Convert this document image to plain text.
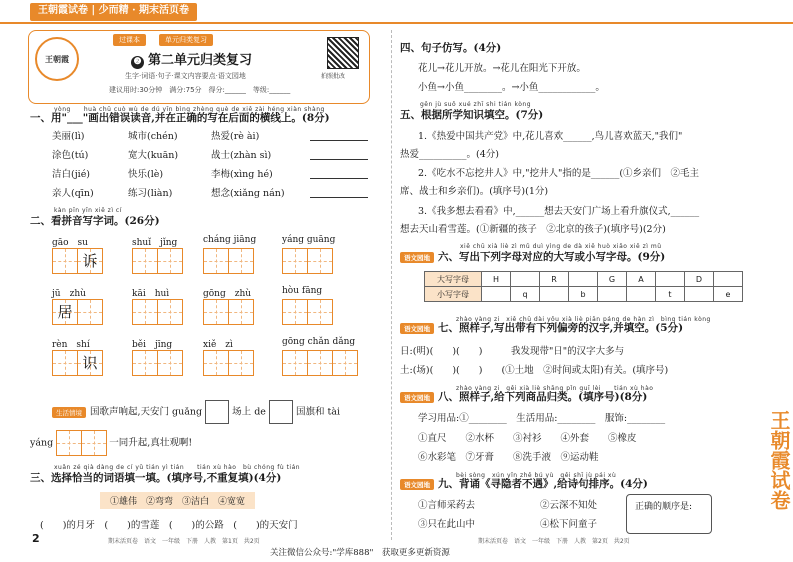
王朝霞试卷 | 少而精 · 期末活页卷
王朝霞
过课本	单元归类复习
❷ 第二单元归类复习
生字·词语·句子·课文内容要点·语文园地
建议用时:30分钟　满分:75分　得分:______　等级:______
拍照批改
yòng　　huà chū cuò wù de dú yīn bìng zhèng què de xiě zài héng xiàn shàng
一、用"___"画出错误读音,并在正确的写在后面的横线上。(8分)
美丽(lì)	城市(chén)	热爱(rè ài)
涂色(tú)	宽大(kuān)	战士(zhàn sì)
洁白(jié)	快乐(lè)	李梅(xìng hé)
亲人(qīn)	练习(liàn)	想念(xiǎng nán)
kàn pīn yīn xiě zì cí
二、看拼音写字词。(26分)
gāo　su
诉
shuǐ　jǐng	cháng jiāng	yáng guāng
jū　zhù
居
kāi　huì	gōng　zhù	hòu fāng
rèn　shí
识
běi　jīng	xiě　zì	gōng chǎn dǎng
生活情境 国歌声响起,天安门 guǎng	场上 de	国旗和 tài
yáng	一同升起,真壮观啊!
xuǎn zé qià dàng de cí yǔ tián yì tián　　tián xù hào　bù chóng fù tián
三、选择恰当的词语填一填。(填序号,不重复填)(4分)
①雄伟　②弯弯　③洁白　④宽宽
(　　)的月牙　(　　)的雪莲　(　　)的公路　(　　)的天安门
四、句子仿写。(4分)
花儿→花儿开放。→花儿在阳光下开放。
小鱼→小鱼________。→小鱼____________。
gēn jù suǒ xué zhī shi tián kòng
五、根据所学知识填空。(7分)
1.《热爱中国共产党》中,花儿喜欢______,鸟儿喜欢蓝天,"我们"
热爱__________。(4分)
2.《吃水不忘挖井人》中,"挖井人"指的是______(①乡亲们　②毛主
席、战士和乡亲们)。(填序号)(1分)
3.《我多想去看看》中,______想去天安门广场上看升旗仪式,______
想去天山看雪莲。(①新疆的孩子　②北京的孩子)(填序号)(2分)
xiě chū xià liè zì mǔ duì yìng de dà xiě huò xiǎo xiě zì mǔ
语文园地 六、写出下列字母对应的大写或小写字母。(9分)
大写字母	H		R		G	A		D	
小写字母		q		b			t		e
zhào yàng zi　xiě chū dài yǒu xià liè piān páng de hàn zì　bìng tián kòng
语文园地 七、照样子,写出带有下列偏旁的汉字,并填空。(5分)
日:(明)(　　)(　　)　　　我发现带"日"的汉字大多与
土:(场)(　　)(　　)　　(①土地　②时间或太阳)有关。(填序号)
zhào yàng zi　gěi xià liè shāng pǐn guī lèi　　tián xù hào
语文园地 八、照样子,给下列商品归类。(填序号)(8分)
学习用品:①________　生活用品:________　服饰:________
①直尺　　②水杯　　③衬衫　　④外套　　⑤橡皮
⑥水彩笔　⑦牙膏　　⑧洗手液　⑨运动鞋
bèi sòng　xún yǐn zhě bú yù　gěi shī jù pái xù
语文园地 九、背诵《寻隐者不遇》,给诗句排序。(4分)
①言师采药去	②云深不知处
③只在此山中	④松下问童子
正确的顺序是:
期末活页卷　语文　一年级　下册　人教　第1页　共2页	期末活页卷　语文　一年级　下册　人教　第2页　共2页
2
关注微信公众号:"学库888"　获取更多更新资源
王朝霞试卷
